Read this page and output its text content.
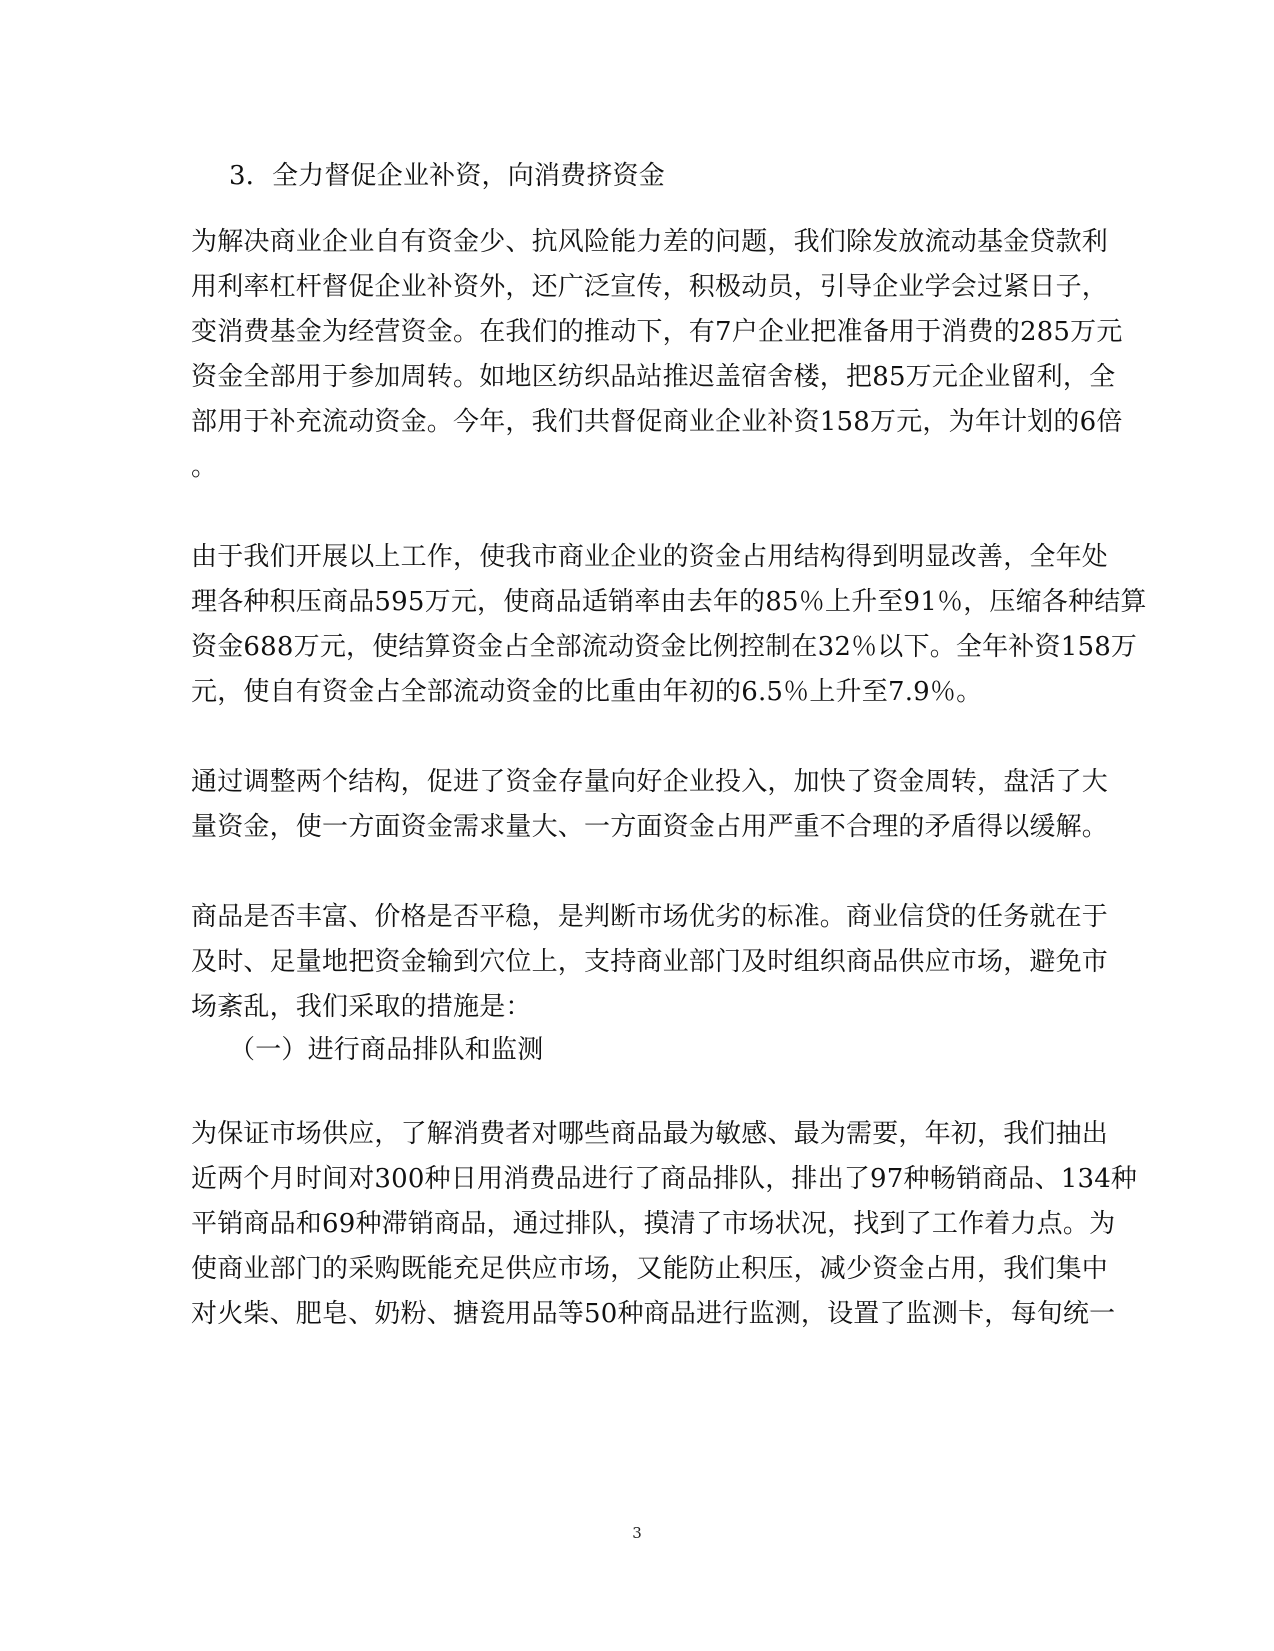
3．全力督促企业补资，向消费挤资金
为解决商业企业自有资金少、抗风险能力差的问题，我们除发放流动基金贷款利
用利率杠杆督促企业补资外，还广泛宣传，积极动员，引导企业学会过紧日子，
变消费基金为经营资金。在我们的推动下，有7户企业把准备用于消费的285万元
资金全部用于参加周转。如地区纺织品站推迟盖宿舍楼，把85万元企业留利，全
部用于补充流动资金。今年，我们共督促商业企业补资158万元，为年计划的6倍
。
由于我们开展以上工作，使我市商业企业的资金占用结构得到明显改善，全年处
理各种积压商品595万元，使商品适销率由去年的85％上升至91％，压缩各种结算
资金688万元，使结算资金占全部流动资金比例控制在32％以下。全年补资158万
元，使自有资金占全部流动资金的比重由年初的6.5％上升至7.9％。
通过调整两个结构，促进了资金存量向好企业投入，加快了资金周转，盘活了大
量资金，使一方面资金需求量大、一方面资金占用严重不合理的矛盾得以缓解。
商品是否丰富、价格是否平稳，是判断市场优劣的标准。商业信贷的任务就在于
及时、足量地把资金输到穴位上，支持商业部门及时组织商品供应市场，避免市
场紊乱，我们采取的措施是：
（一）进行商品排队和监测
为保证市场供应，了解消费者对哪些商品最为敏感、最为需要，年初，我们抽出
近两个月时间对300种日用消费品进行了商品排队，排出了97种畅销商品、134种
平销商品和69种滞销商品，通过排队，摸清了市场状况，找到了工作着力点。为
使商业部门的采购既能充足供应市场，又能防止积压，减少资金占用，我们集中
对火柴、肥皂、奶粉、搪瓷用品等50种商品进行监测，设置了监测卡，每旬统一
3
